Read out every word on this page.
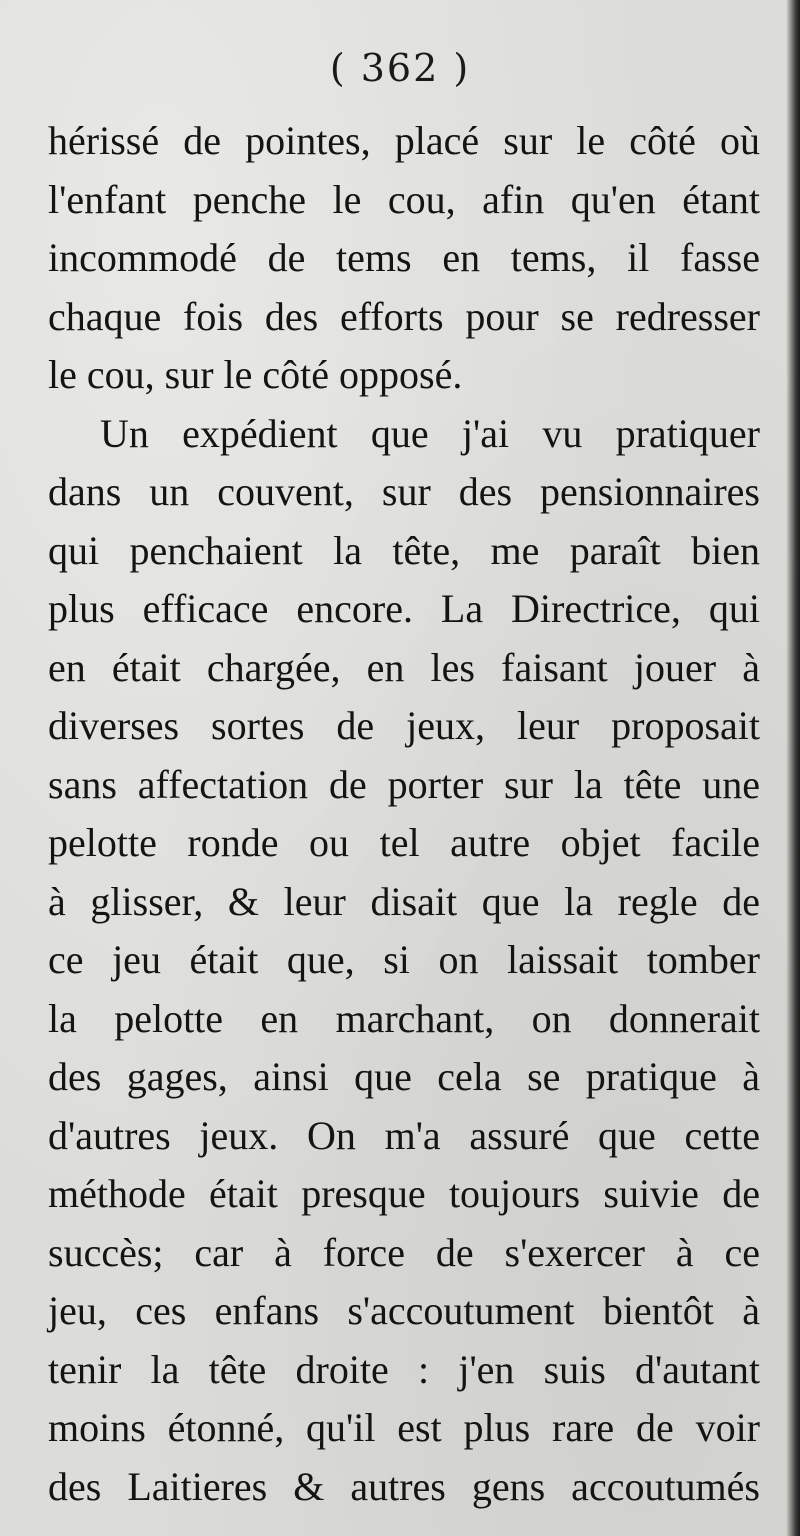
( 362 )
hérissé de pointes, placé sur le côté où
l'enfant penche le cou, afin qu'en étant
incommodé de tems en tems, il fasse
chaque fois des efforts pour se redresser
le cou, sur le côté opposé.
Un expédient que j'ai vu pratiquer
dans un couvent, sur des pensionnaires
qui penchaient la tête, me paraît bien
plus efficace encore. La Directrice, qui
en était chargée, en les faisant jouer à
diverses sortes de jeux, leur proposait
sans affectation de porter sur la tête une
pelotte ronde ou tel autre objet facile
à glisser, & leur disait que la regle de
ce jeu était que, si on laissait tomber
la pelotte en marchant, on donnerait
des gages, ainsi que cela se pratique à
d'autres jeux. On m'a assuré que cette
méthode était presque toujours suivie de
succès; car à force de s'exercer à ce
jeu, ces enfans s'accoutument bientôt à
tenir la tête droite : j'en suis d'autant
moins étonné, qu'il est plus rare de voir
des Laitieres & autres gens accoutumés
